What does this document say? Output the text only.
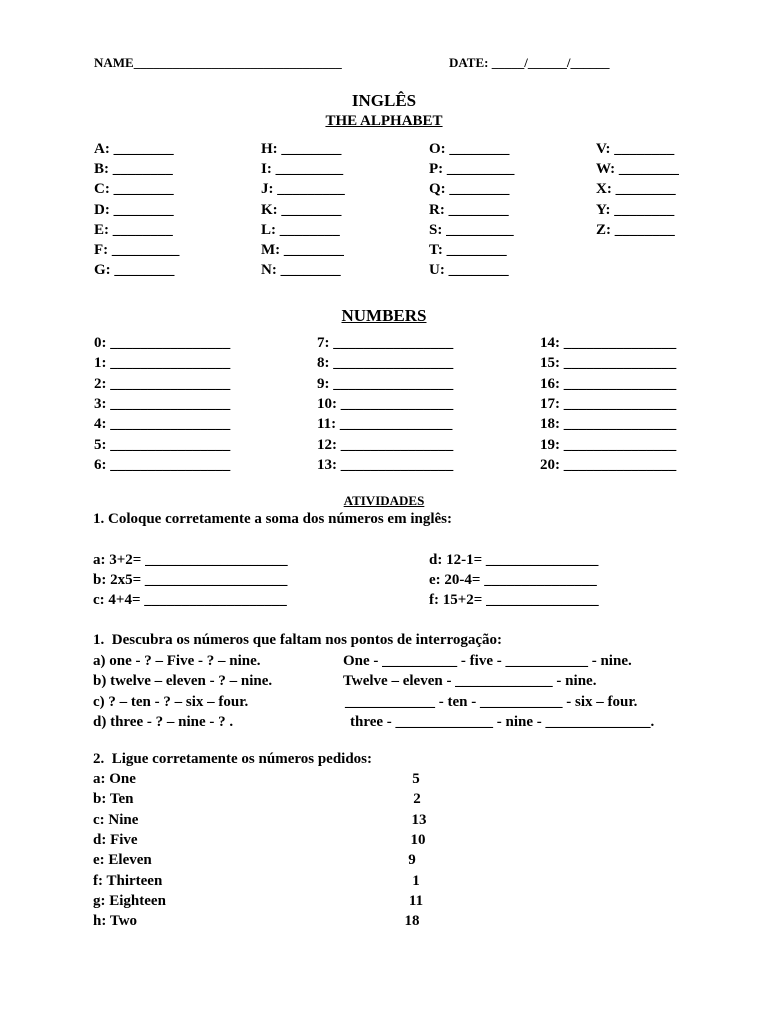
NAME________________________________	DATE: _____/______/______
INGLÊS
THE ALPHABET
A: ________
B: ________
C: ________
D: ________
E: ________
F: _________
G: ________
H: ________
I: _________
J: _________
K: ________
L: ________
M: ________
N: ________
O: ________
P: _________
Q: ________
R: ________
S: _________
T: ________
U: ________
V: ________
W: ________
X: ________
Y: ________
Z: ________
NUMBERS
0: ________________
1: ________________
2: ________________
3: ________________
4: ________________
5: ________________
6: ________________
7: ________________
8: ________________
9: ________________
10: _______________
11: _______________
12: _______________
13: _______________
14: _______________
15: _______________
16: _______________
17: _______________
18: _______________
19: _______________
20: _______________
ATIVIDADES
1. Coloque corretamente a soma dos números em inglês:
a: 3+2= ___________________
b: 2x5= ___________________
c: 4+4= ___________________
d: 12-1= _______________
e: 20-4= _______________
f: 15+2= _______________
1.  Descubra os números que faltam nos pontos de interrogação:
a) one - ? – Five - ? – nine.
b) twelve – eleven - ? – nine.
c) ? – ten - ? – six – four.
d) three - ? – nine - ? .
One - __________ - five - ___________ - nine.
Twelve – eleven - _____________ - nine.
____________ - ten - ___________ - six – four.
three - _____________ - nine - ______________.
2.  Ligue corretamente os números pedidos:
a: One
b: Ten
c: Nine
d: Five
e: Eleven
f: Thirteen
g: Eighteen
h: Two
5
2
13
10
9
1
11
18
